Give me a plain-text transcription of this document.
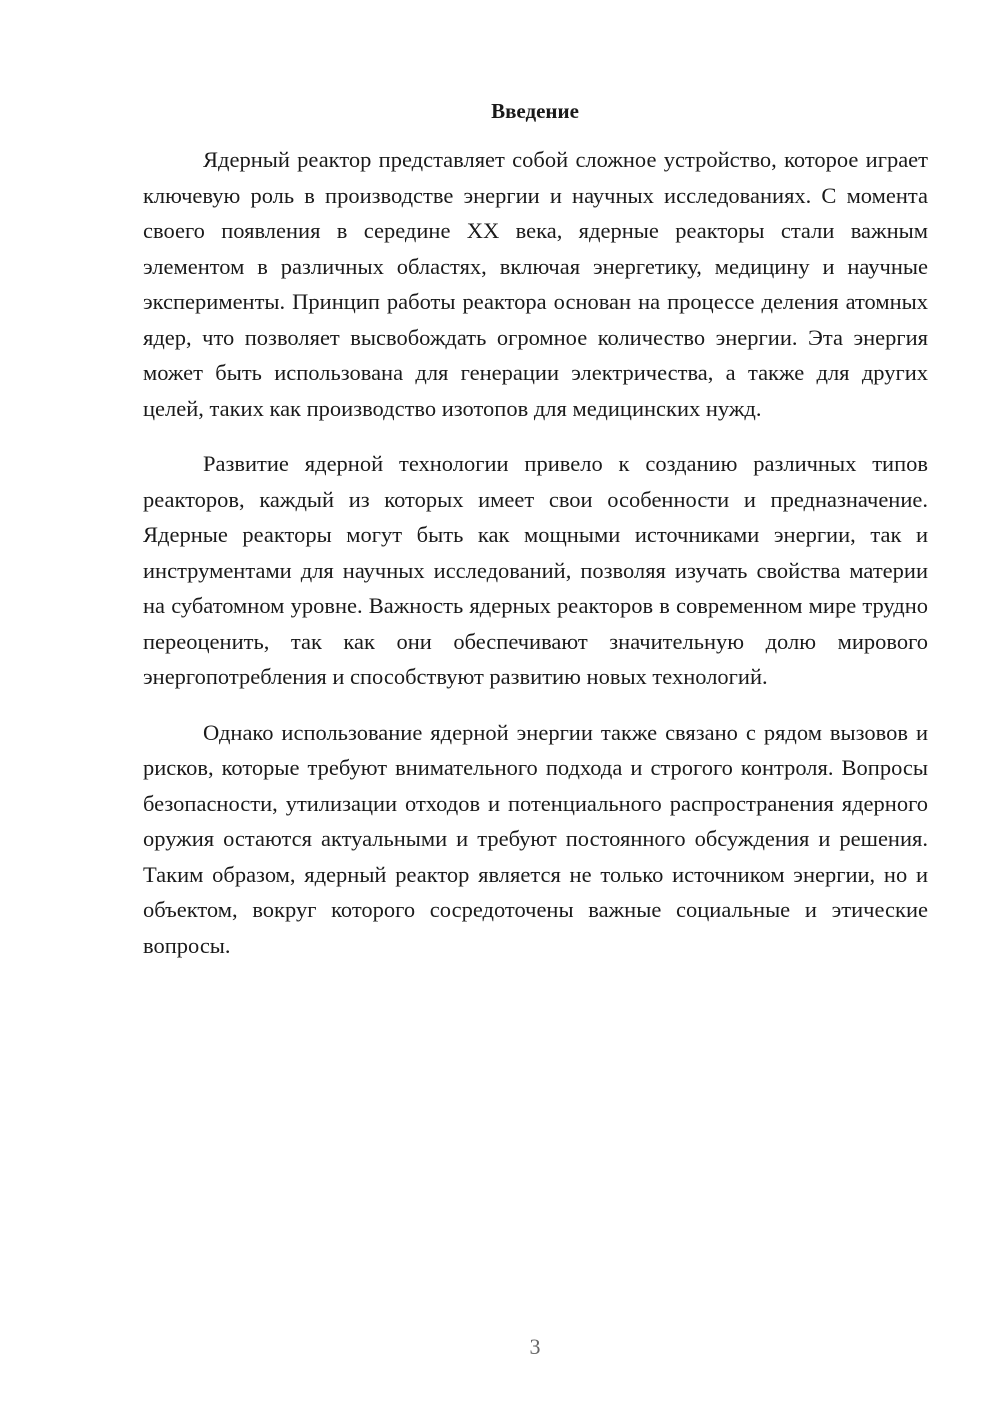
Введение

Ядерный реактор представляет собой сложное устройство, которое играет ключевую роль в производстве энергии и научных исследованиях. С момента своего появления в середине XX века, ядерные реакторы стали важным элементом в различных областях, включая энергетику, медицину и научные эксперименты. Принцип работы реактора основан на процессе деления атомных ядер, что позволяет высвобождать огромное количество энергии. Эта энергия может быть использована для генерации электричества, а также для других целей, таких как производство изотопов для медицинских нужд.

Развитие ядерной технологии привело к созданию различных типов реакторов, каждый из которых имеет свои особенности и предназначение. Ядерные реакторы могут быть как мощными источниками энергии, так и инструментами для научных исследований, позволяя изучать свойства материи на субатомном уровне. Важность ядерных реакторов в современном мире трудно переоценить, так как они обеспечивают значительную долю мирового энергопотребления и способствуют развитию новых технологий.

Однако использование ядерной энергии также связано с рядом вызовов и рисков, которые требуют внимательного подхода и строгого контроля. Вопросы безопасности, утилизации отходов и потенциального распространения ядерного оружия остаются актуальными и требуют постоянного обсуждения и решения. Таким образом, ядерный реактор является не только источником энергии, но и объектом, вокруг которого сосредоточены важные социальные и этические вопросы.

3
